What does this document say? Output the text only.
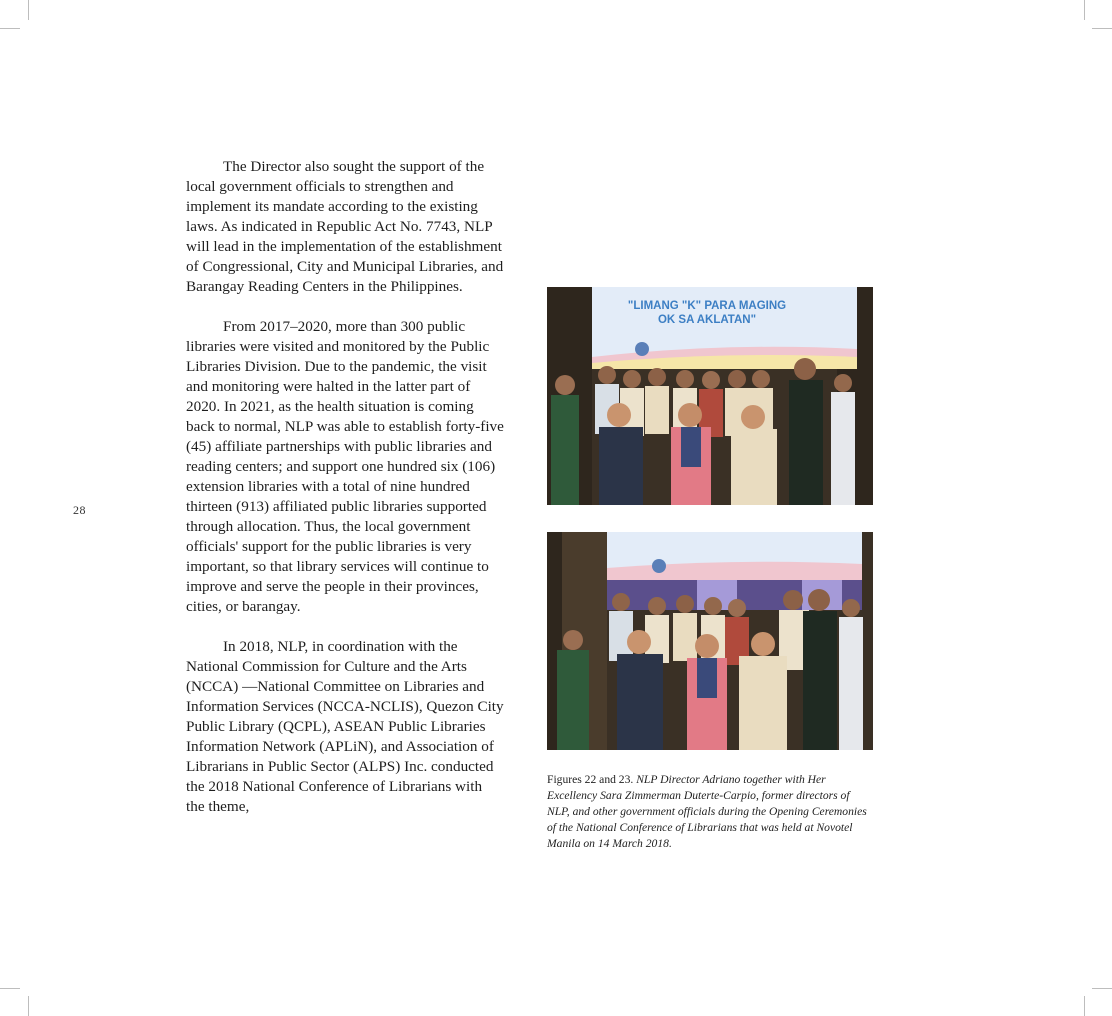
28

The Director also sought the support of the local government officials to strengthen and implement its mandate according to the existing laws. As indicated in Republic Act No. 7743, NLP will lead in the implementation of the establishment of Congressional, City and Municipal Libraries, and Barangay Reading Centers in the Philippines.

From 2017–2020, more than 300 public libraries were visited and monitored by the Public Libraries Division. Due to the pandemic, the visit and monitoring were halted in the latter part of 2020. In 2021, as the health situation is coming back to normal, NLP was able to establish forty-five (45) affiliate partnerships with public libraries and reading centers; and support one hundred six (106) extension libraries with a total of nine hundred thirteen (913) affiliated public libraries supported through allocation. Thus, the local government officials' support for the public libraries is very important, so that library services will continue to improve and serve the people in their provinces, cities, or barangay.

In 2018, NLP, in coordination with the National Commission for Culture and the Arts (NCCA) —National Committee on Libraries and Information Services (NCCA-NCLIS), Quezon City Public Library (QCPL), ASEAN Public Libraries Information Network (APLiN), and Association of Librarians in Public Sector (ALPS) Inc. conducted the 2018 National Conference of Librarians with the theme,

"LIMANG "K" PARA MAGING
OK SA AKLATAN"
Figures 22 and 23. NLP Director Adriano together with Her Excellency Sara Zimmerman Duterte-Carpio, former directors of NLP, and other government officials during the Opening Ceremonies of the National Conference of Librarians that was held at Novotel Manila on 14 March 2018.
